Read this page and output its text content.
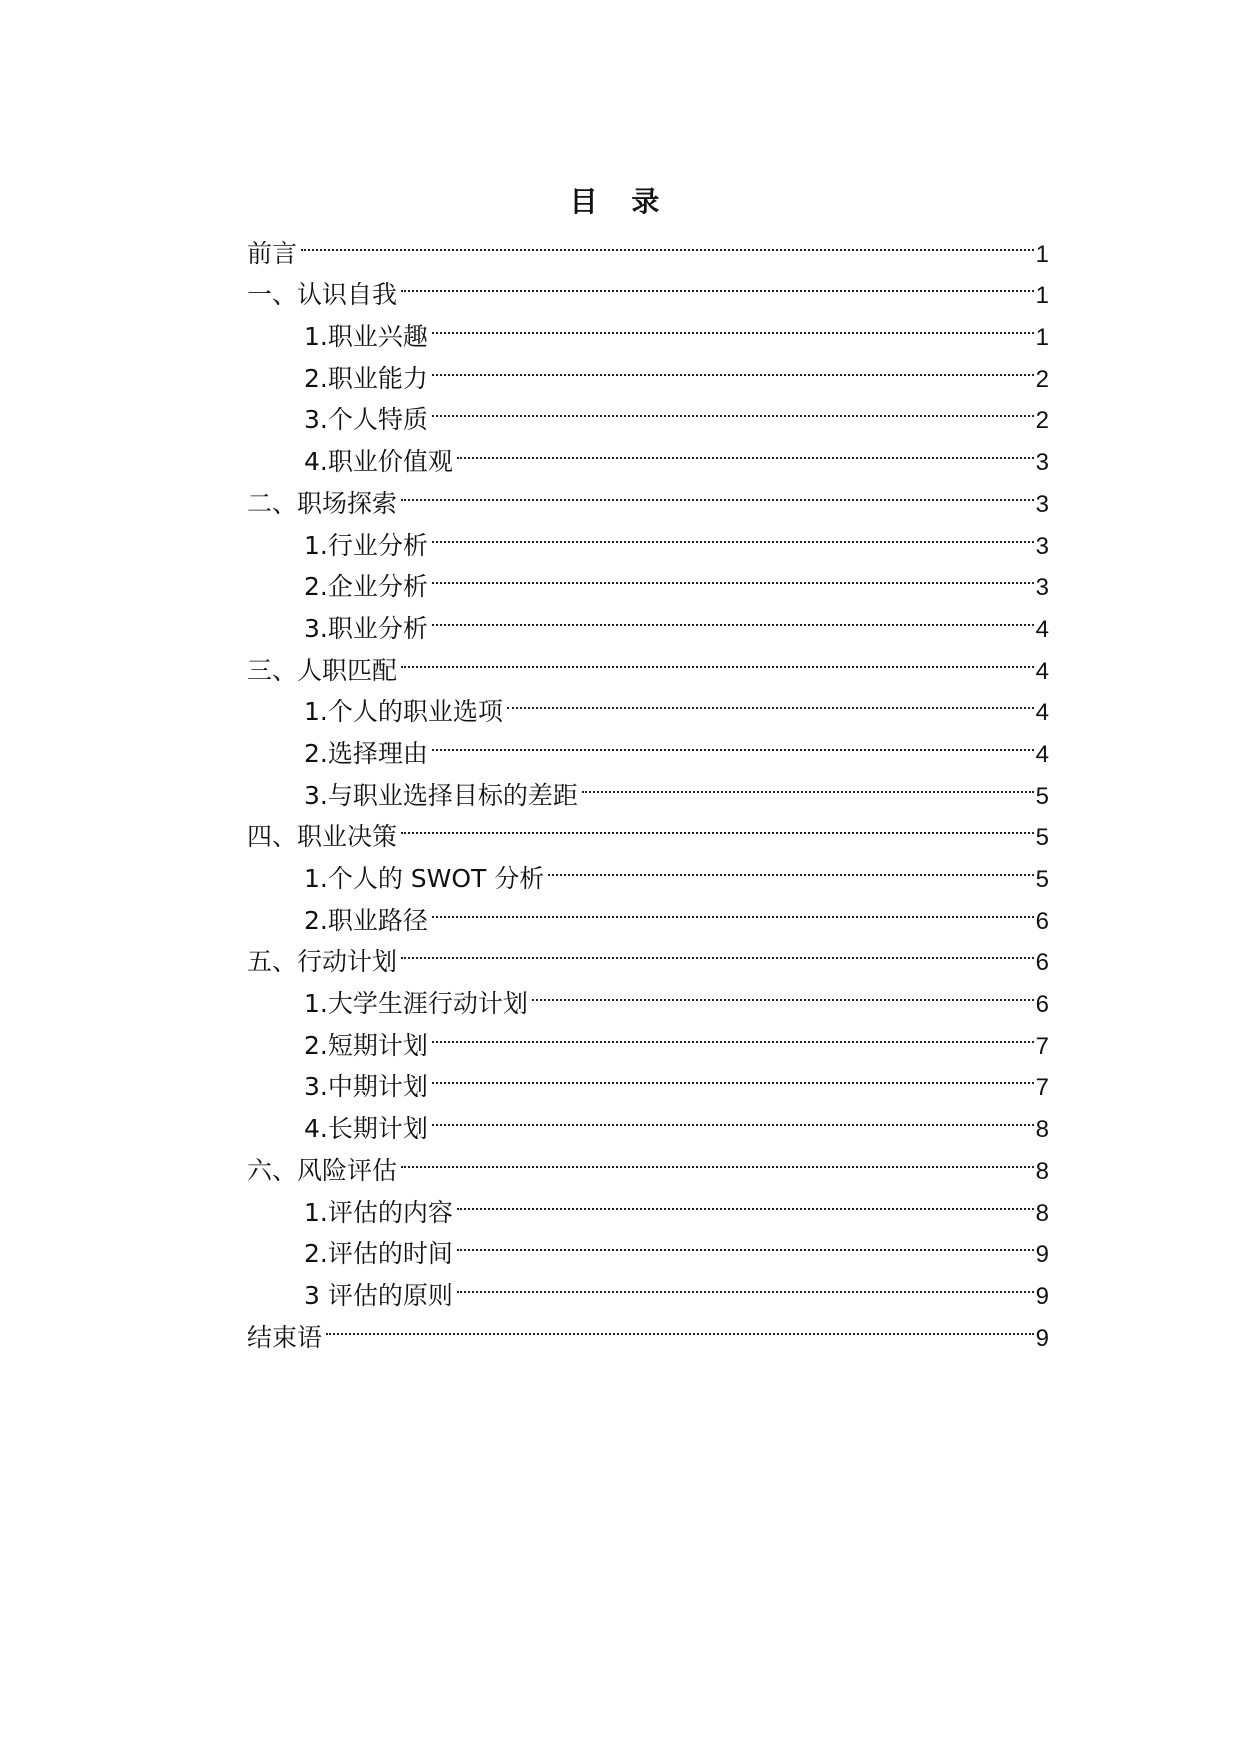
目 录
前言	1
一、认识自我	1
1.职业兴趣	1
2.职业能力	2
3.个人特质	2
4.职业价值观	3
二、职场探索	3
1.行业分析	3
2.企业分析	3
3.职业分析	4
三、人职匹配	4
1.个人的职业选项	4
2.选择理由	4
3.与职业选择目标的差距	5
四、职业决策	5
1.个人的 SWOT 分析	5
2.职业路径	6
五、行动计划	6
1.大学生涯行动计划	6
2.短期计划	7
3.中期计划	7
4.长期计划	8
六、风险评估	8
1.评估的内容	8
2.评估的时间	9
3 评估的原则	9
结束语	9
